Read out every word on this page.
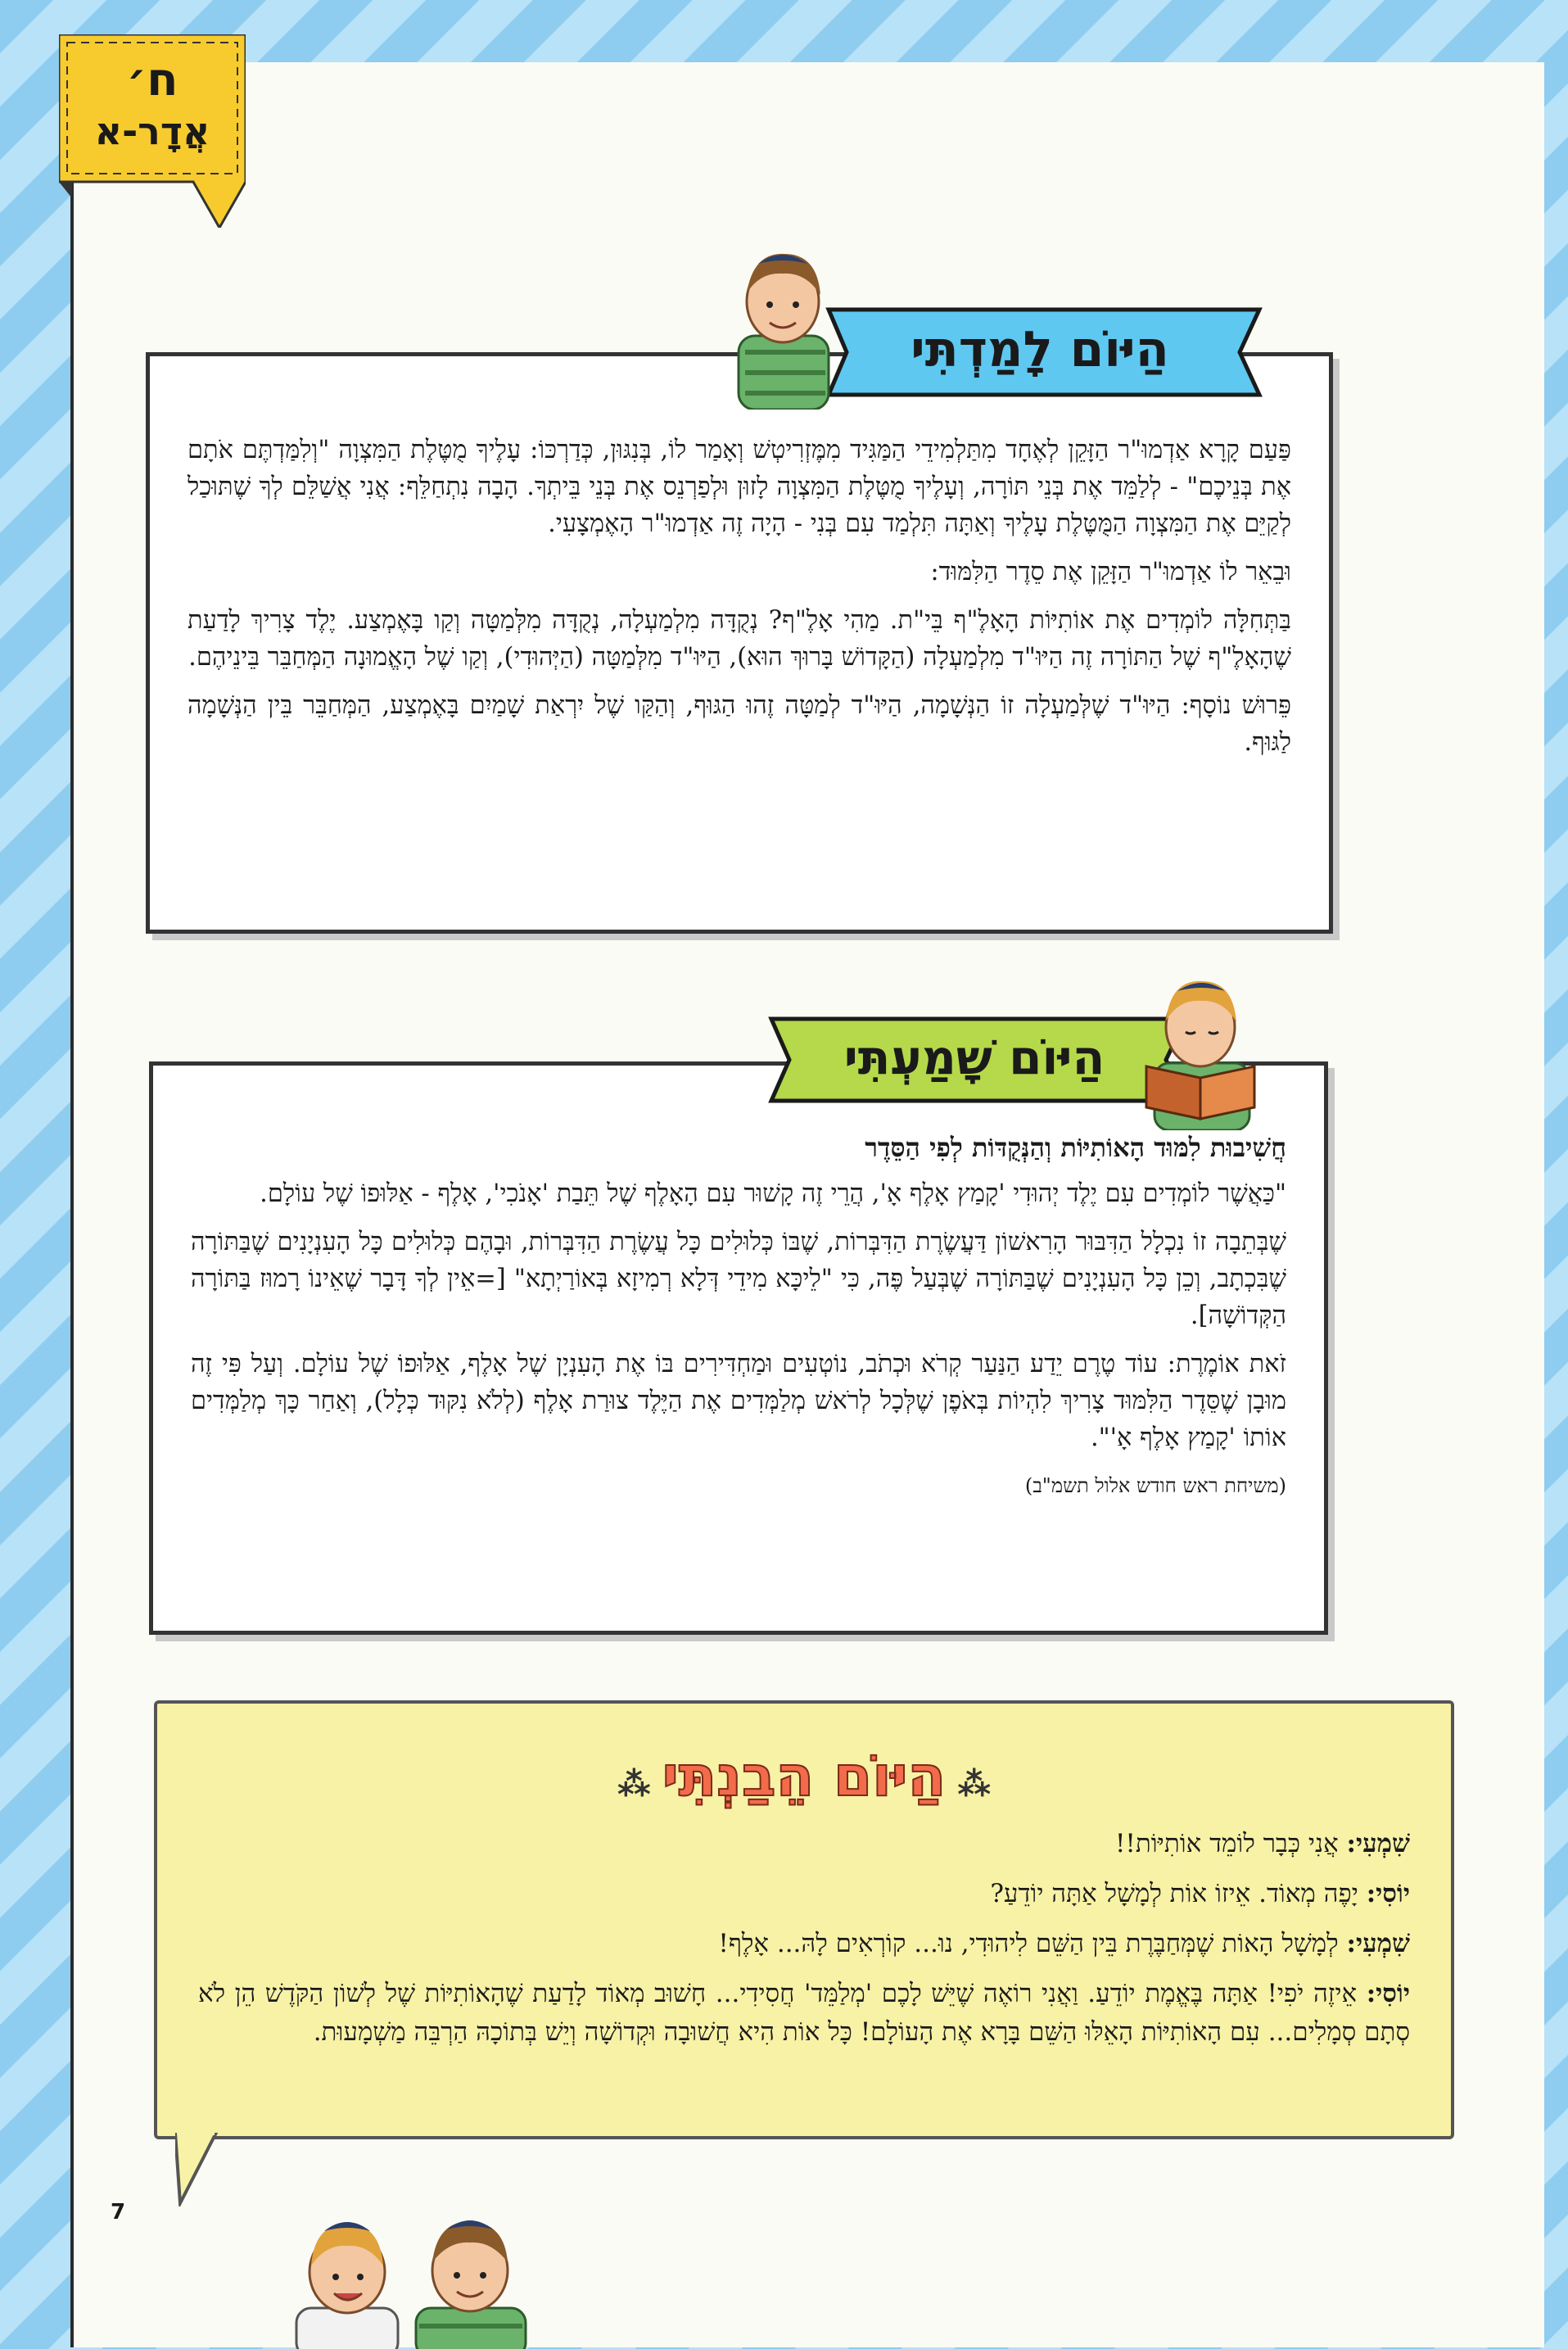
ח׳
אֲדָר-א

פַּעַם קָרָא אַדְמוּ"ר הַזָּקֵן לְאֶחָד מִתַּלְמִידֵי הַמַּגִּיד מִמֶּזְרִיטְשׁ וְאָמַר לוֹ, בְּנִגּוּן, כְּדַרְכּוֹ: עָלֶיךָ מֻטֶּלֶת הַמִּצְוָה "וְלִמַּדְתֶּם אֹתָם אֶת בְּנֵיכֶם" - לְלַמֵּד אֶת בְּנֵי תּוֹרָה, וְעָלֶיךָ מֻטֶּלֶת הַמִּצְוָה לָזוּן וּלְפַרְנֵס אֶת בְּנֵי בֵּיתְךָ. הָבָה נִתְחַלֵּף: אֲנִי אֲשַׁלֵּם לְךָ שֶׁתּוּכַל לְקַיֵּם אֶת הַמִּצְוָה הַמֻּטֶּלֶת עָלֶיךָ וְאַתָּה תִּלְמַד עִם בְּנִי - הָיָה זֶה אַדְמוּ"ר הָאֶמְצָעִי.

וּבֵאֵר לוֹ אַדְמוּ"ר הַזָּקֵן אֶת סֵדֶר הַלִּמּוּד:

בַּתְּחִלָּה לוֹמְדִים אֶת אוֹתִיּוֹת הָאָלֶ"ף בֵּי"ת. מַהִי אָלֶ"ף? נְקֻדָּה מִלְמַעְלָה, נְקֻדָּה מִלְּמַטָּה וְקַו בָּאֶמְצַע. יֶלֶד צָרִיךְ לָדַעַת שֶׁהָאָלֶ"ף שֶׁל הַתּוֹרָה זֶה הַיּוּ"ד מִלְמַעְלָה (הַקָּדוֹשׁ בָּרוּךְ הוּא), הַיּוּ"ד מִלְּמַטָּה (הַיְּהוּדִי), וְקַו שֶׁל הָאֱמוּנָה הַמְּחַבֵּר בֵּינֵיהֶם.

פֵּרוּשׁ נוֹסָף: הַיּוּ"ד שֶׁלְּמַעְלָה זוֹ הַנְּשָׁמָה, הַיּוּ"ד לְמַטָּה זֶהוּ הַגּוּף, וְהַקַּו שֶׁל יִרְאַת שָׁמַיִם בָּאֶמְצַע, הַמְּחַבֵּר בֵּין הַנְּשָׁמָה לַגּוּף.

הַיּוֹם לָמַדְתִּי
חֲשִׁיבוּת לִמּוּד הָאוֹתִיּוֹת וְהַנְּקֻדּוֹת לְפִי הַסֵּדֶר

"כַּאֲשֶׁר לוֹמְדִים עִם יֶלֶד יְהוּדִי 'קָמַץ אָלֶף אָ', הֲרֵי זֶה קָשׁוּר עִם הָאָלֶף שֶׁל תֵּבַת 'אָנֹכִי', אָלֶף - אַלּוּפוֹ שֶׁל עוֹלָם.

שֶׁבְּתֵבָה זוֹ נִכְלָל הַדִּבּוּר הָרִאשׁוֹן דַּעֲשֶׂרֶת הַדִּבְּרוֹת, שֶׁבּוֹ כְּלוּלִים כָּל עֲשֶׂרֶת הַדִּבְּרוֹת, וּבָהֶם כְּלוּלִים כָּל הָעִנְיָנִים שֶׁבַּתּוֹרָה שֶׁבִּכְתָב, וְכֵן כָּל הָעִנְיָנִים שֶׁבַּתּוֹרָה שֶׁבְּעַל פֶּה, כִּי "לֵיכָּא מִידֵי דְּלָא רְמִיזָא בְּאוֹרַיְתָא" [=אֵין לְךָ דָּבָר שֶׁאֵינוֹ רָמוּז בַּתּוֹרָה הַקְּדוֹשָׁה].

זֹאת אוֹמֶרֶת: עוֹד טֶרֶם יֵדַע הַנַּעַר קְרֹא וּכְתֹב, נוֹטְעִים וּמַחְדִּירִים בּוֹ אֶת הָעִנְיָן שֶׁל אָלֶף, אַלּוּפוֹ שֶׁל עוֹלָם. וְעַל פִּי זֶה מוּבָן שֶׁסֵּדֶר הַלִּמּוּד צָרִיךְ לִהְיוֹת בְּאֹפֶן שֶׁלְּכָל לְרֹאשׁ מְלַמְּדִים אֶת הַיֶּלֶד צוּרַת אָלֶף (לְלֹא נִקּוּד כְּלָל), וְאַחַר כָּךְ מְלַמְּדִים אוֹתוֹ 'קָמַץ אָלֶף אָ'".

(משיחת ראש חודש אלול תשמ"ב)
הַיּוֹם שָׁמַעְתִּי
⁂ הַיּוֹם הֵבַנְתִּי ⁂

שִׁמְעִי: אֲנִי כְּבָר לוֹמֵד אוֹתִיּוֹת!!

יוֹסִי: יָפֶה מְאוֹד. אֵיזוֹ אוֹת לְמָשָׁל אַתָּה יוֹדֵעַ?

שִׁמְעִי: לְמָשָׁל הָאוֹת שֶׁמְּחַבֶּרֶת בֵּין הַשֵּׁם לִיהוּדִי, נוּ... קוֹרְאִים לָהּ... אָלֶף!

יוֹסִי: אֵיזֶה יֹפִי! אַתָּה בֶּאֱמֶת יוֹדֵעַ. וַאֲנִי רוֹאֶה שֶׁיֵּשׁ לָכֶם 'מְלַמֵּד' חֲסִידִי... חָשׁוּב מְאוֹד לָדַעַת שֶׁהָאוֹתִיּוֹת שֶׁל לְשׁוֹן הַקֹּדֶשׁ הֵן לֹא סְתָם סְמָלִים... עִם הָאוֹתִיּוֹת הָאֵלּוּ הַשֵּׁם בָּרָא אֶת הָעוֹלָם! כָּל אוֹת הִיא חֲשׁוּבָה וּקְדוֹשָׁה וְיֵשׁ בְּתוֹכָהּ הַרְבֵּה מַשְׁמָעוּת.

7
